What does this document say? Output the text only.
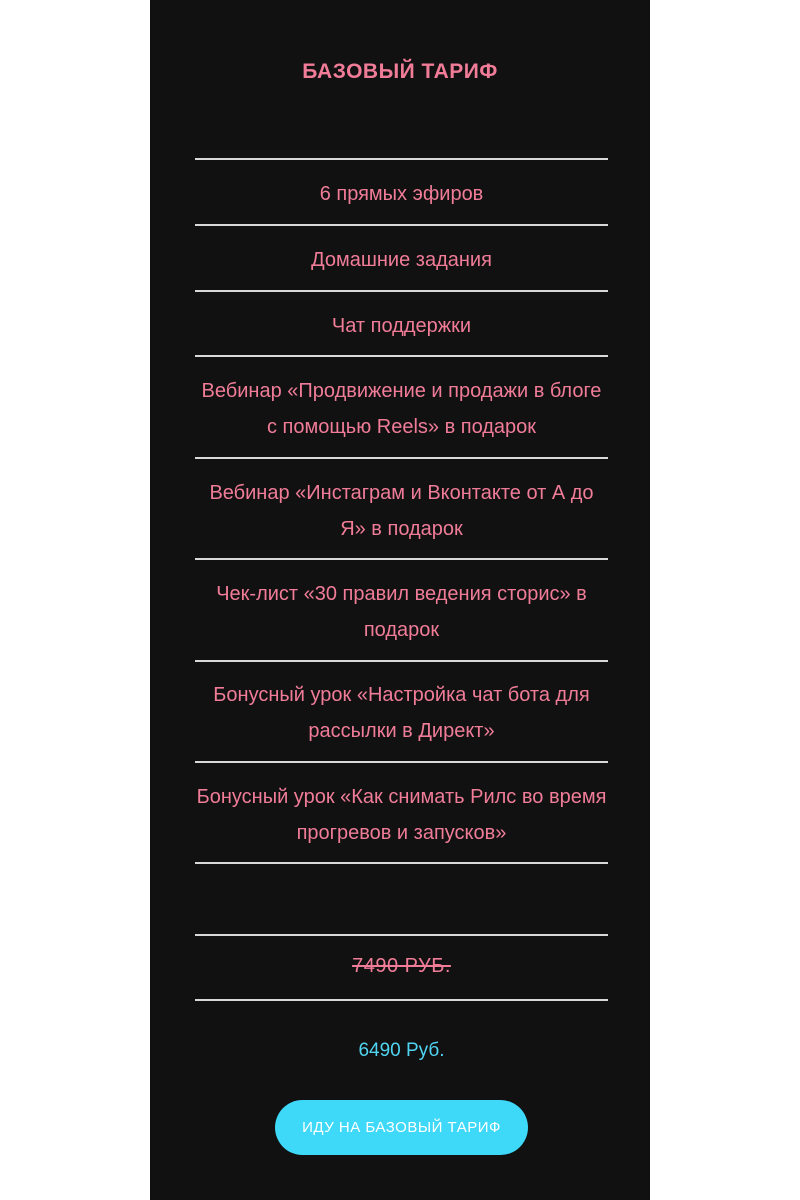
БАЗОВЫЙ ТАРИФ
6 прямых эфиров
Домашние задания
Чат поддержки
Вебинар «Продвижение и продажи в блоге с помощью Reels» в подарок
Вебинар «Инстаграм и Вконтакте от А до Я» в подарок
Чек-лист «30 правил ведения сторис» в подарок
Бонусный урок «Настройка чат бота для рассылки в Директ»
Бонусный урок «Как снимать Рилс во время прогревов и запусков»
7490 РУБ.
6490 Руб.
ИДУ НА БАЗОВЫЙ ТАРИФ
